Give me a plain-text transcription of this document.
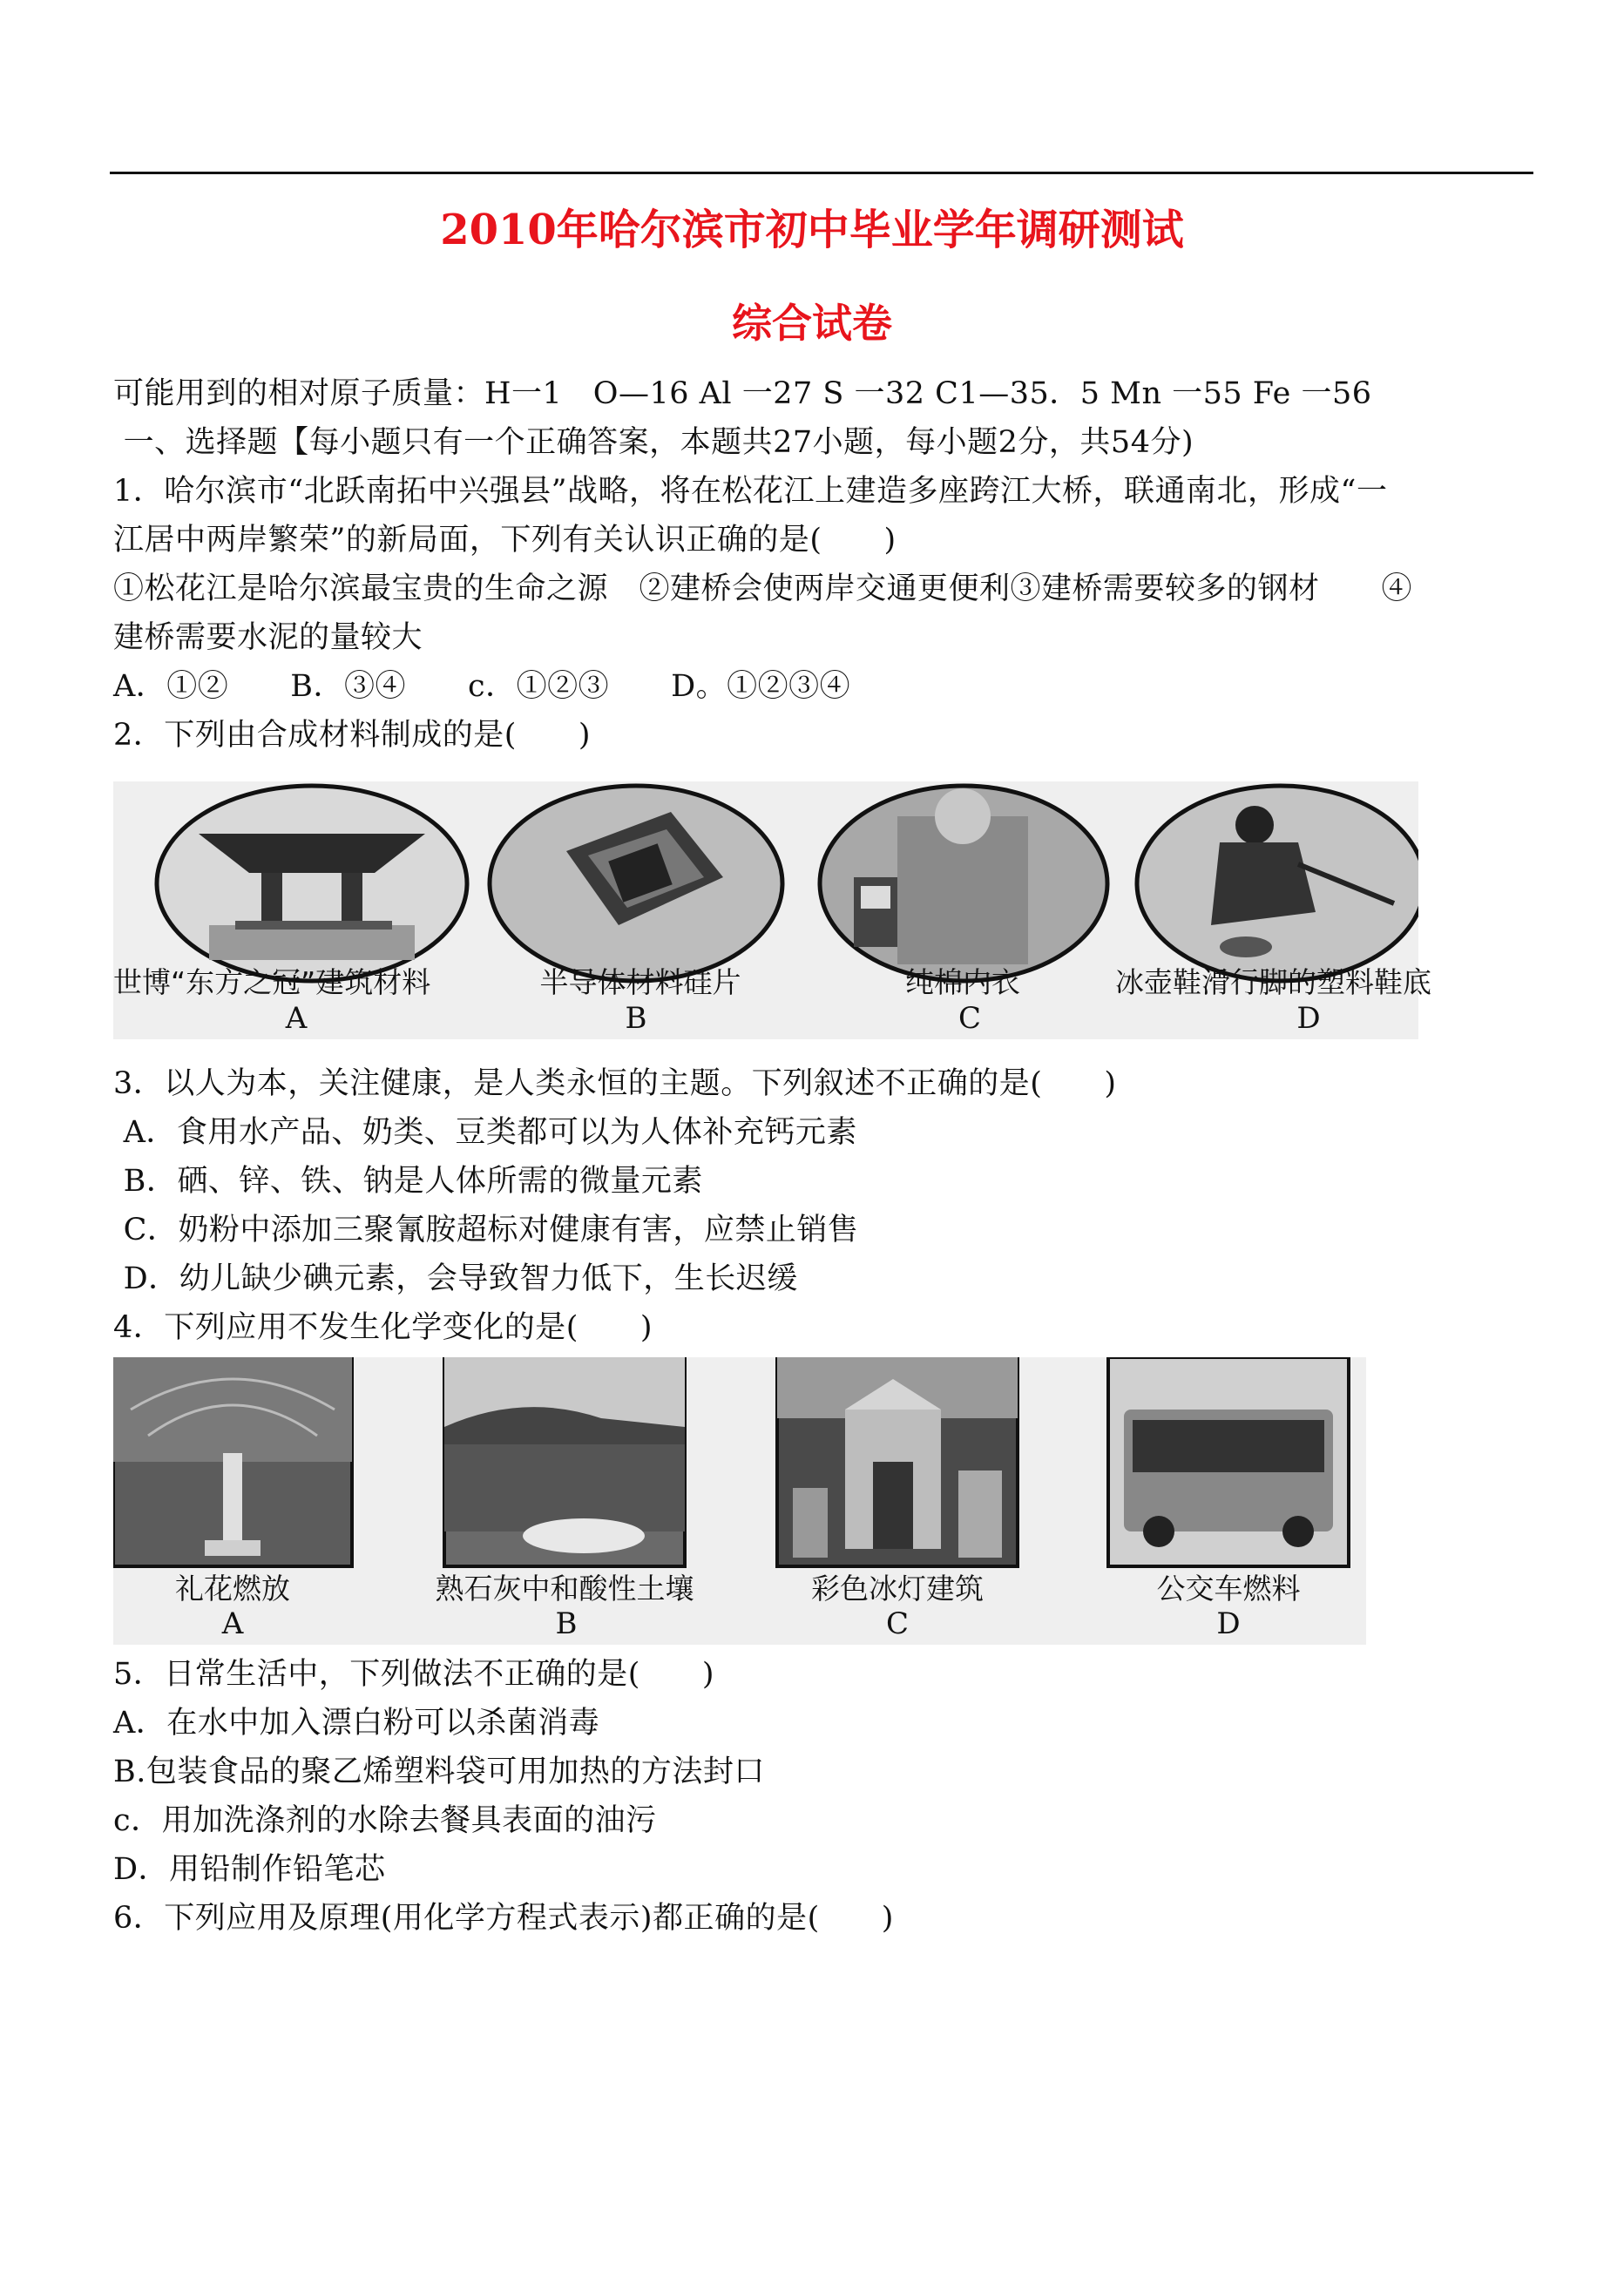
2010年哈尔滨市初中毕业学年调研测试
综合试卷
可能用到的相对原子质量：H一1　O—16 Al 一27 S 一32 C1—35．5 Mn 一55 Fe 一56
一、选择题【每小题只有一个正确答案，本题共27小题，每小题2分，共54分)
1．哈尔滨市“北跃南拓中兴强县”战略，将在松花江上建造多座跨江大桥，联通南北，形成“一
江居中两岸繁荣”的新局面，下列有关认识正确的是(　　)
①松花江是哈尔滨最宝贵的生命之源　②建桥会使两岸交通更便利③建桥需要较多的钢材　　④
建桥需要水泥的量较大
A．①②　　B．③④　　c．①②③　　D。①②③④
2．下列由合成材料制成的是(　　)
世博“东方之冠”建筑材料	半导体材料硅片	纯棉内衣	冰壶鞋滑行脚的塑料鞋底
A	B	C	D
3．以人为本，关注健康，是人类永恒的主题。下列叙述不正确的是(　　)
A．食用水产品、奶类、豆类都可以为人体补充钙元素
B．硒、锌、铁、钠是人体所需的微量元素
C．奶粉中添加三聚氰胺超标对健康有害，应禁止销售
D．幼儿缺少碘元素，会导致智力低下，生长迟缓
4．下列应用不发生化学变化的是(　　)
礼花燃放	熟石灰中和酸性土壤	彩色冰灯建筑	公交车燃料
A	B	C	D
5．日常生活中，下列做法不正确的是(　　)
A．在水中加入漂白粉可以杀菌消毒
B.包装食品的聚乙烯塑料袋可用加热的方法封口
c．用加洗涤剂的水除去餐具表面的油污
D．用铅制作铅笔芯
6．下列应用及原理(用化学方程式表示)都正确的是(　　)
